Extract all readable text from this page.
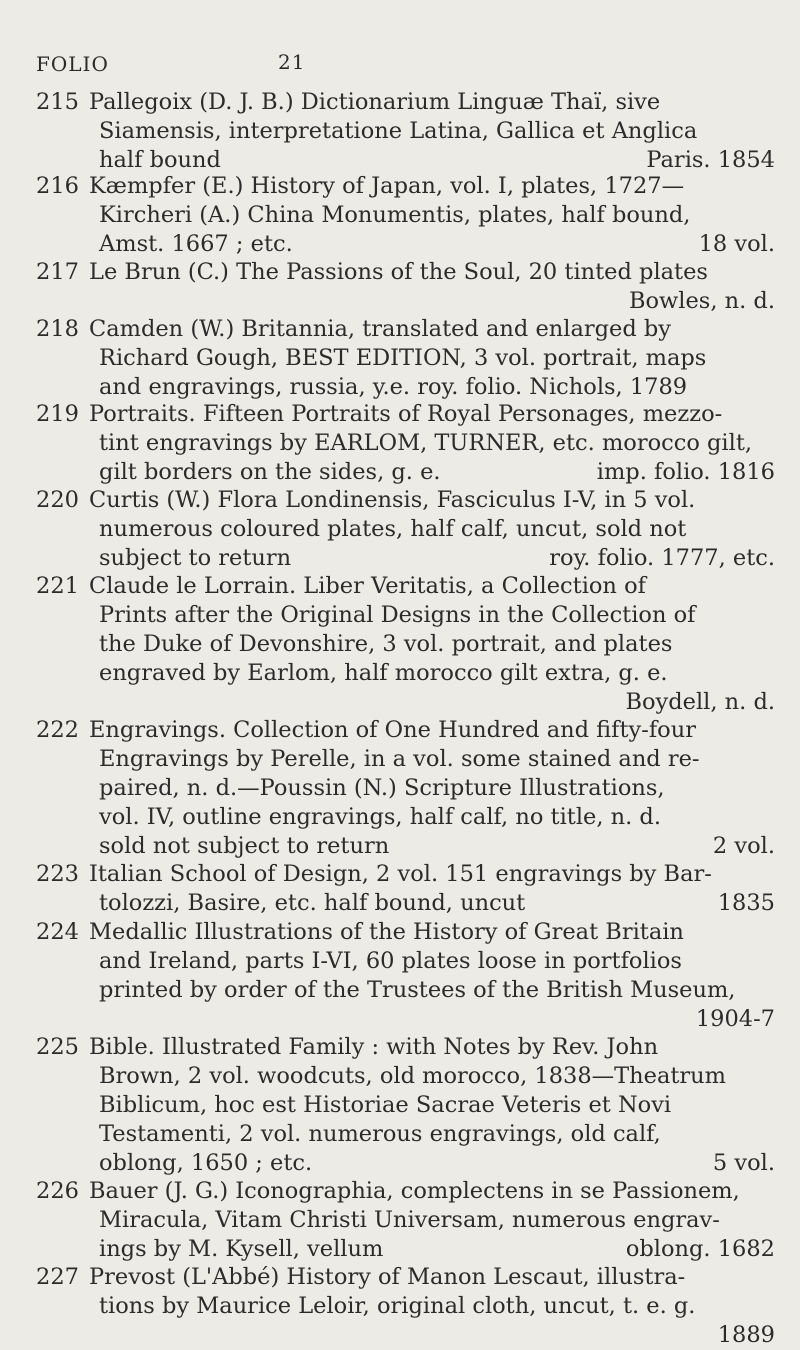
FOLIO	21
215 Pallegoix (D. J. B.) Dictionarium Linguæ Thaï, sive
Siamensis, interpretatione Latina, Gallica et Anglica
half bound	Paris. 1854
216 Kæmpfer (E.) History of Japan, vol. I, plates, 1727—
Kircheri (A.) China Monumentis, plates, half bound,
Amst. 1667 ; etc.	18 vol.
217 Le Brun (C.) The Passions of the Soul, 20 tinted plates
Bowles, n. d.
218 Camden (W.) Britannia, translated and enlarged by
Richard Gough, BEST EDITION, 3 vol. portrait, maps
and engravings, russia, y.e. roy. folio. Nichols, 1789
219 Portraits. Fifteen Portraits of Royal Personages, mezzo-
tint engravings by EARLOM, TURNER, etc. morocco gilt,
gilt borders on the sides, g. e.	imp. folio. 1816
220 Curtis (W.) Flora Londinensis, Fasciculus I-V, in 5 vol.
numerous coloured plates, half calf, uncut, sold not
subject to return	roy. folio. 1777, etc.
221 Claude le Lorrain. Liber Veritatis, a Collection of
Prints after the Original Designs in the Collection of
the Duke of Devonshire, 3 vol. portrait, and plates
engraved by Earlom, half morocco gilt extra, g. e.
Boydell, n. d.
222 Engravings. Collection of One Hundred and fifty-four
Engravings by Perelle, in a vol. some stained and re-
paired, n. d.—Poussin (N.) Scripture Illustrations,
vol. IV, outline engravings, half calf, no title, n. d.
sold not subject to return	2 vol.
223 Italian School of Design, 2 vol. 151 engravings by Bar-
tolozzi, Basire, etc. half bound, uncut	1835
224 Medallic Illustrations of the History of Great Britain
and Ireland, parts I-VI, 60 plates loose in portfolios
printed by order of the Trustees of the British Museum,
1904-7
225 Bible. Illustrated Family : with Notes by Rev. John
Brown, 2 vol. woodcuts, old morocco, 1838—Theatrum
Biblicum, hoc est Historiae Sacrae Veteris et Novi
Testamenti, 2 vol. numerous engravings, old calf,
oblong, 1650 ; etc.	5 vol.
226 Bauer (J. G.) Iconographia, complectens in se Passionem,
Miracula, Vitam Christi Universam, numerous engrav-
ings by M. Kysell, vellum	oblong. 1682
227 Prevost (L'Abbé) History of Manon Lescaut, illustra-
tions by Maurice Leloir, original cloth, uncut, t. e. g.
1889
